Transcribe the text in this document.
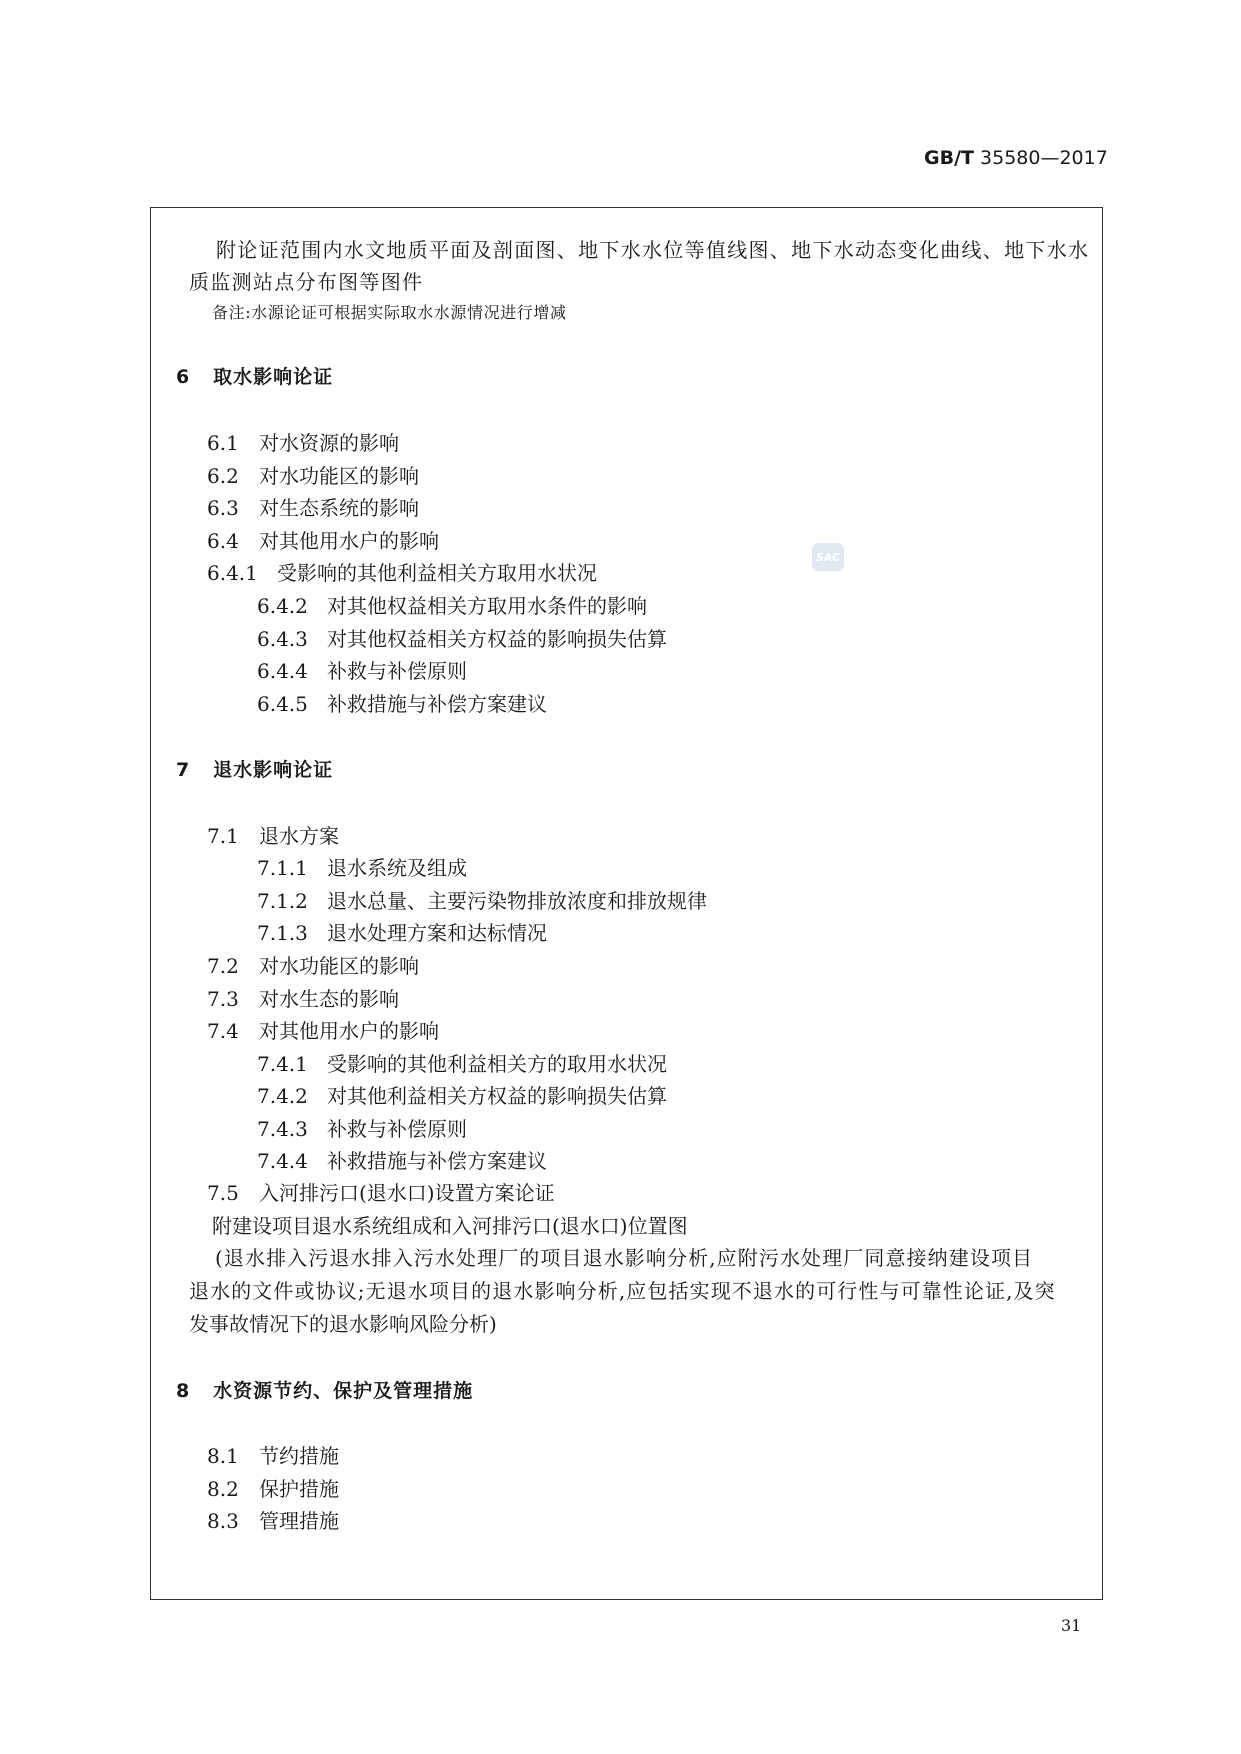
GB/T 35580—2017
SAC
附论证范围内水文地质平面及剖面图、地下水水位等值线图、地下水动态变化曲线、地下水水
质监测站点分布图等图件
备注:水源论证可根据实际取水水源情况进行增减
6 取水影响论证
6.1 对水资源的影响
6.2 对水功能区的影响
6.3 对生态系统的影响
6.4 对其他用水户的影响
6.4.1 受影响的其他利益相关方取用水状况
6.4.2 对其他权益相关方取用水条件的影响
6.4.3 对其他权益相关方权益的影响损失估算
6.4.4 补救与补偿原则
6.4.5 补救措施与补偿方案建议
7 退水影响论证
7.1 退水方案
7.1.1 退水系统及组成
7.1.2 退水总量、主要污染物排放浓度和排放规律
7.1.3 退水处理方案和达标情况
7.2 对水功能区的影响
7.3 对水生态的影响
7.4 对其他用水户的影响
7.4.1 受影响的其他利益相关方的取用水状况
7.4.2 对其他利益相关方权益的影响损失估算
7.4.3 补救与补偿原则
7.4.4 补救措施与补偿方案建议
7.5 入河排污口(退水口)设置方案论证
附建设项目退水系统组成和入河排污口(退水口)位置图
(退水排入污退水排入污水处理厂的项目退水影响分析,应附污水处理厂同意接纳建设项目
退水的文件或协议;无退水项目的退水影响分析,应包括实现不退水的可行性与可靠性论证,及突
发事故情况下的退水影响风险分析)
8 水资源节约、保护及管理措施
8.1 节约措施
8.2 保护措施
8.3 管理措施
31
